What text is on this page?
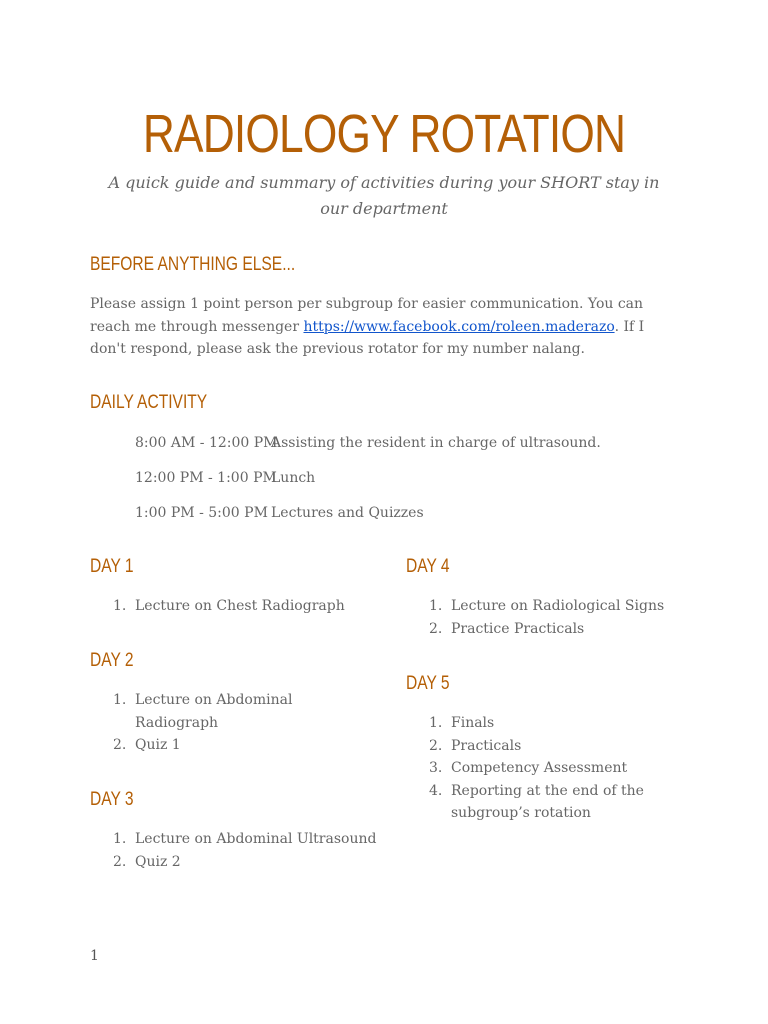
RADIOLOGY ROTATION
A quick guide and summary of activities during your SHORT stay in our department
BEFORE ANYTHING ELSE...
Please assign 1 point person per subgroup for easier communication. You can reach me through messenger https://www.facebook.com/roleen.maderazo. If I don't respond, please ask the previous rotator for my number nalang.
DAILY ACTIVITY
8:00 AM - 12:00 PM
Assisting the resident in charge of ultrasound.
12:00 PM - 1:00 PM
Lunch
1:00 PM - 5:00 PM Lectures and Quizzes
DAY 1
1. Lecture on Chest Radiograph
DAY 2
1. Lecture on Abdominal Radiograph
2. Quiz 1
DAY 3
1. Lecture on Abdominal Ultrasound
2. Quiz 2
DAY 4
1. Lecture on Radiological Signs
2. Practice Practicals
DAY 5
1. Finals
2. Practicals
3. Competency Assessment
4. Reporting at the end of the subgroup’s rotation
1
